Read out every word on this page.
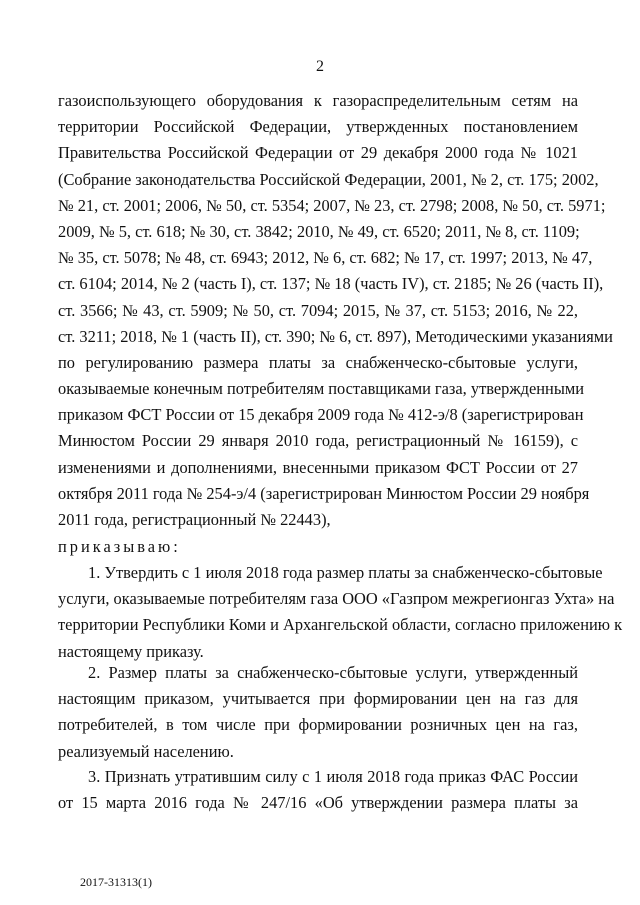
2
газоиспользующего оборудования к газораспределительным сетям на
территории Российской Федерации, утвержденных постановлением
Правительства Российской Федерации от 29 декабря 2000 года № 1021
(Собрание законодательства Российской Федерации, 2001, № 2, ст. 175; 2002,
№ 21, ст. 2001; 2006, № 50, ст. 5354; 2007, № 23, ст. 2798; 2008, № 50, ст. 5971;
2009, № 5, ст. 618; № 30, ст. 3842; 2010, № 49, ст. 6520; 2011, № 8, ст. 1109;
№ 35, ст. 5078; № 48, ст. 6943; 2012, № 6, ст. 682; № 17, ст. 1997; 2013, № 47,
ст. 6104; 2014, № 2 (часть I), ст. 137; № 18 (часть IV), ст. 2185; № 26 (часть II),
ст. 3566; № 43, ст. 5909; № 50, ст. 7094; 2015, № 37, ст. 5153; 2016, № 22,
ст. 3211; 2018, № 1 (часть II), ст. 390; № 6, ст. 897), Методическими указаниями
по регулированию размера платы за снабженческо-сбытовые услуги,
оказываемые конечным потребителям поставщиками газа, утвержденными
приказом ФСТ России от 15 декабря 2009 года № 412-э/8 (зарегистрирован
Минюстом России 29 января 2010 года, регистрационный № 16159), с
изменениями и дополнениями, внесенными приказом ФСТ России от 27
октября 2011 года № 254-э/4 (зарегистрирован Минюстом России 29 ноября
2011 года, регистрационный № 22443),
приказываю:
1. Утвердить с 1 июля 2018 года размер платы за снабженческо-сбытовые
услуги, оказываемые потребителям газа ООО «Газпром межрегионгаз Ухта» на
территории Республики Коми и Архангельской области, согласно приложению к
настоящему приказу.
2. Размер платы за снабженческо-сбытовые услуги, утвержденный
настоящим приказом, учитывается при формировании цен на газ для
потребителей, в том числе при формировании розничных цен на газ,
реализуемый населению.
3. Признать утратившим силу с 1 июля 2018 года приказ ФАС России
от 15 марта 2016 года № 247/16 «Об утверждении размера платы за
2017-31313(1)
